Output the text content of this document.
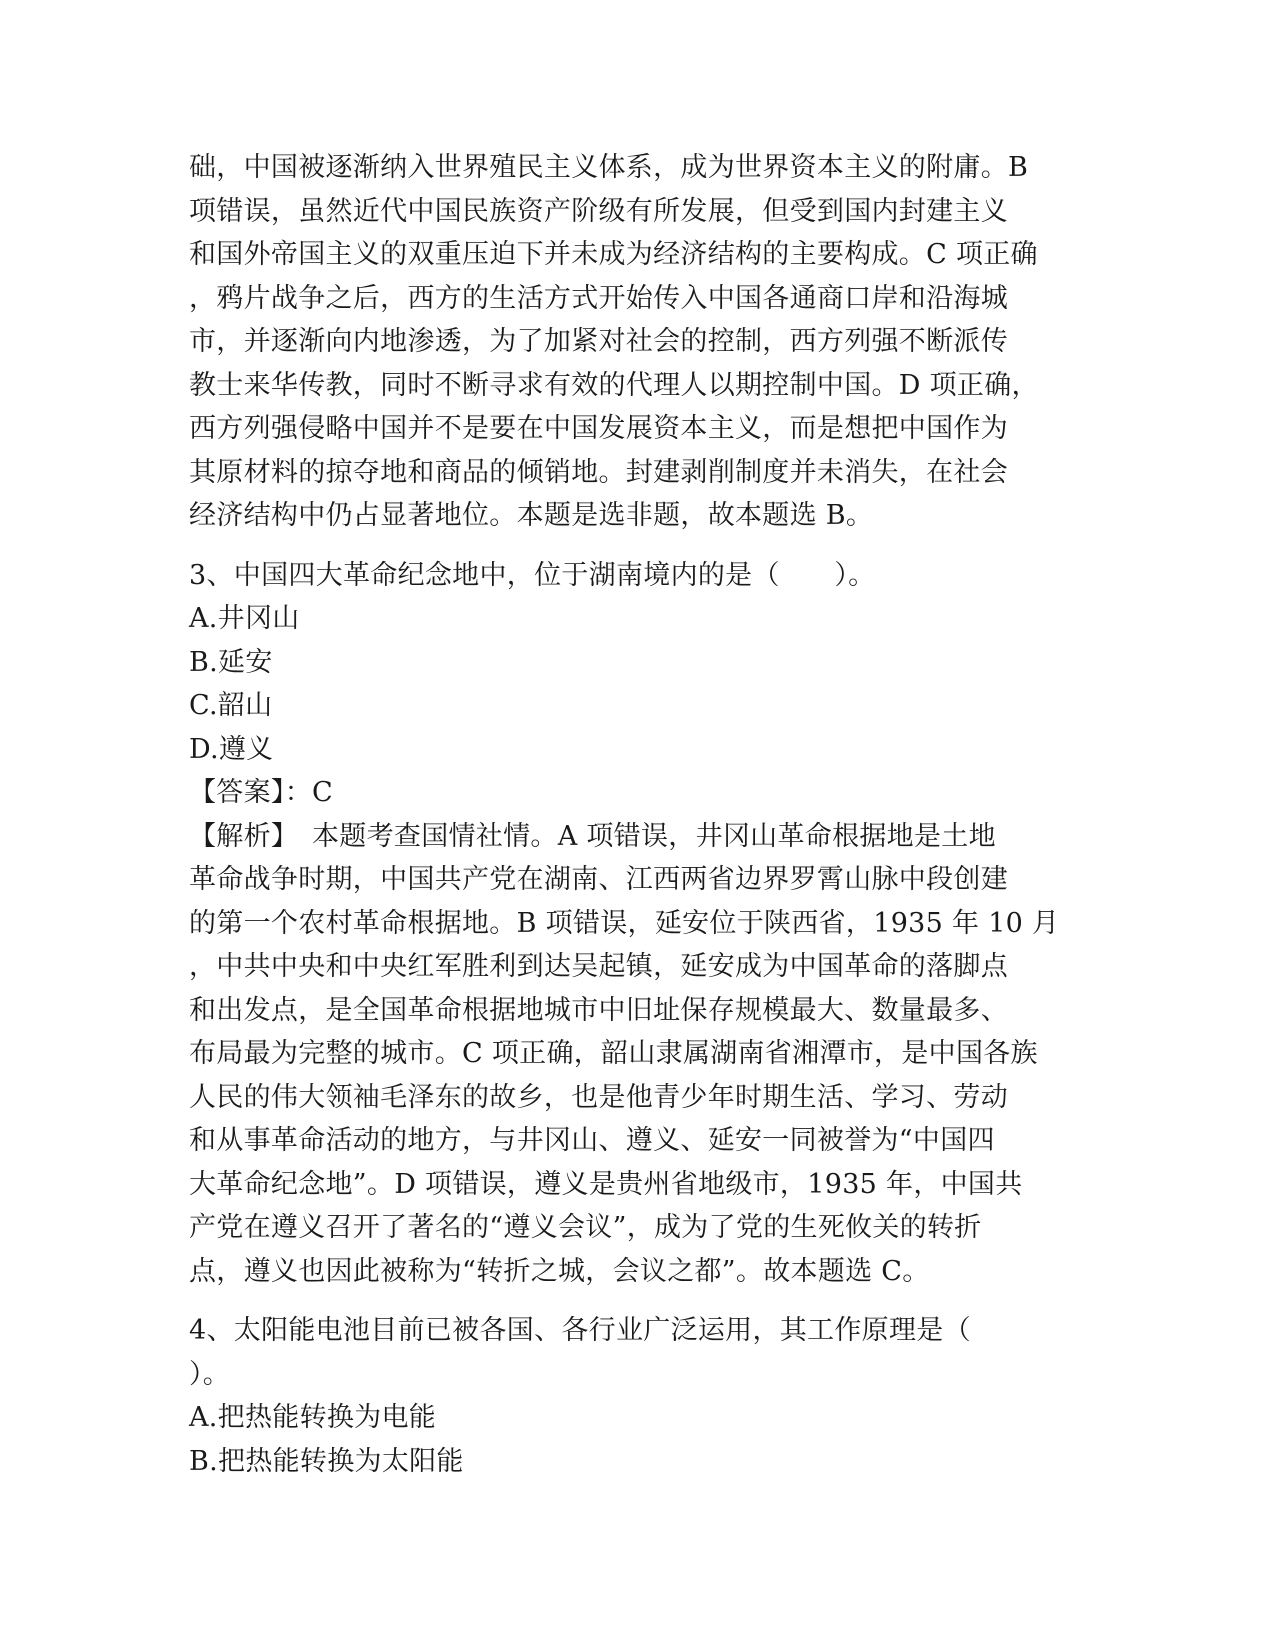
础，中国被逐渐纳入世界殖民主义体系，成为世界资本主义的附庸。B
项错误，虽然近代中国民族资产阶级有所发展，但受到国内封建主义
和国外帝国主义的双重压迫下并未成为经济结构的主要构成。C 项正确
，鸦片战争之后，西方的生活方式开始传入中国各通商口岸和沿海城
市，并逐渐向内地渗透，为了加紧对社会的控制，西方列强不断派传
教士来华传教，同时不断寻求有效的代理人以期控制中国。D 项正确，
西方列强侵略中国并不是要在中国发展资本主义，而是想把中国作为
其原材料的掠夺地和商品的倾销地。封建剥削制度并未消失，在社会
经济结构中仍占显著地位。本题是选非题，故本题选 B。
3、中国四大革命纪念地中，位于湖南境内的是（　　）。
A.井冈山
B.延安
C.韶山
D.遵义
【答案】：C
【解析】　本题考查国情社情。A 项错误，井冈山革命根据地是土地
革命战争时期，中国共产党在湖南、江西两省边界罗霄山脉中段创建
的第一个农村革命根据地。B 项错误，延安位于陕西省，1935 年 10 月
，中共中央和中央红军胜利到达吴起镇，延安成为中国革命的落脚点
和出发点，是全国革命根据地城市中旧址保存规模最大、数量最多、
布局最为完整的城市。C 项正确，韶山隶属湖南省湘潭市，是中国各族
人民的伟大领袖毛泽东的故乡，也是他青少年时期生活、学习、劳动
和从事革命活动的地方，与井冈山、遵义、延安一同被誉为“中国四
大革命纪念地”。D 项错误，遵义是贵州省地级市，1935 年，中国共
产党在遵义召开了著名的“遵义会议”，成为了党的生死攸关的转折
点，遵义也因此被称为“转折之城，会议之都”。故本题选 C。
4、太阳能电池目前已被各国、各行业广泛运用，其工作原理是（
）。
A.把热能转换为电能
B.把热能转换为太阳能
